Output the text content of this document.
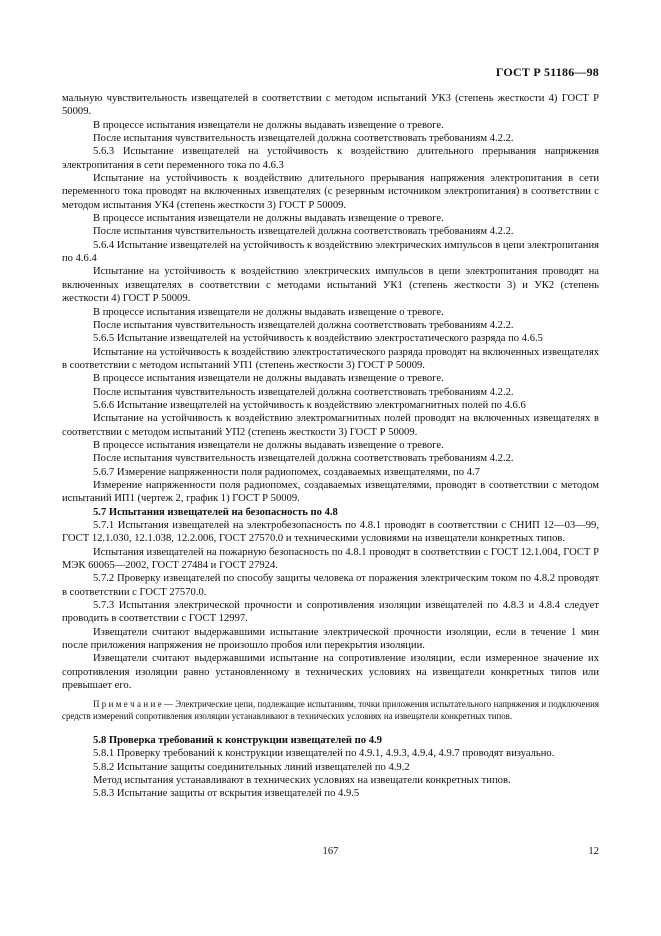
ГОСТ Р 51186—98

мальную чувствительность извещателей в соответствии с методом испытаний УК3 (степень жесткости 4) ГОСТ Р 50009.

В процессе испытания извещатели не должны выдавать извещение о тревоге.

После испытания чувствительность извещателей должна соответствовать требованиям 4.2.2.

5.6.3 Испытание извещателей на устойчивость к воздействию длительного прерывания напряжения электропитания в сети переменного тока по 4.6.3

Испытание на устойчивость к воздействию длительного прерывания напряжения электропитания в сети переменного тока проводят на включенных извещателях (с резервным источником электропитания) в соответствии с методом испытания УК4 (степень жесткости 3) ГОСТ Р 50009.

В процессе испытания извещатели не должны выдавать извещение о тревоге.

После испытания чувствительность извещателей должна соответствовать требованиям 4.2.2.

5.6.4 Испытание извещателей на устойчивость к воздействию электрических импульсов в цепи электропитания по 4.6.4

Испытание на устойчивость к воздействию электрических импульсов в цепи электропитания проводят на включенных извещателях в соответствии с методами испытаний УК1 (степень жесткости 3) и УК2 (степень жесткости 4) ГОСТ Р 50009.

В процессе испытания извещатели не должны выдавать извещение о тревоге.

После испытания чувствительность извещателей должна соответствовать требованиям 4.2.2.

5.6.5 Испытание извещателей на устойчивость к воздействию электростатического разряда по 4.6.5

Испытание на устойчивость к воздействию электростатического разряда проводят на включенных извещателях в соответствии с методом испытаний УП1 (степень жесткости 3) ГОСТ Р 50009.

В процессе испытания извещатели не должны выдавать извещение о тревоге.

После испытания чувствительность извещателей должна соответствовать требованиям 4.2.2.

5.6.6 Испытание извещателей на устойчивость к воздействию электромагнитных полей по 4.6.6

Испытание на устойчивость к воздействию электромагнитных полей проводят на включенных извещателях в соответствии с методом испытаний УП2 (степень жесткости 3) ГОСТ Р 50009.

В процессе испытания извещатели не должны выдавать извещение о тревоге.

После испытания чувствительность извещателей должна соответствовать требованиям 4.2.2.

5.6.7 Измерение напряженности поля радиопомех, создаваемых извещателями, по 4.7

Измерение напряженности поля радиопомех, создаваемых извещателями, проводят в соответствии с методом испытаний ИП1 (чертеж 2, график 1) ГОСТ Р 50009.

5.7 Испытания извещателей на безопасность по 4.8

5.7.1 Испытания извещателей на электробезопасность по 4.8.1 проводят в соответствии с СНИП 12—03—99, ГОСТ 12.1.030, 12.1.038, 12.2.006, ГОСТ 27570.0 и техническими условиями на извещатели конкретных типов.

Испытания извещателей на пожарную безопасность по 4.8.1 проводят в соответствии с ГОСТ 12.1.004, ГОСТ Р МЭК 60065—2002, ГОСТ 27484 и ГОСТ 27924.

5.7.2 Проверку извещателей по способу защиты человека от поражения электрическим током по 4.8.2 проводят в соответствии с ГОСТ 27570.0.

5.7.3 Испытания электрической прочности и сопротивления изоляции извещателей по 4.8.3 и 4.8.4 следует проводить в соответствии с ГОСТ 12997.

Извещатели считают выдержавшими испытание электрической прочности изоляции, если в течение 1 мин после приложения напряжения не произошло пробоя или перекрытия изоляции.

Извещатели считают выдержавшими испытание на сопротивление изоляции, если измеренное значение их сопротивления изоляции равно установленному в технических условиях на извещатели конкретных типов или превышает его.

П р и м е ч а н и е — Электрические цепи, подлежащие испытаниям, точки приложения испытательного напряжения и подключения средств измерений сопротивления изоляции устанавливают в технических условиях на извещатели конкретных типов.

5.8 Проверка требований к конструкции извещателей по 4.9

5.8.1 Проверку требований к конструкции извещателей по 4.9.1, 4.9.3, 4.9.4, 4.9.7 проводят визуально.

5.8.2 Испытание защиты соединительных линий извещателей по 4.9.2

Метод испытания устанавливают в технических условиях на извещатели конкретных типов.

5.8.3 Испытание защиты от вскрытия извещателей по 4.9.5

167	12
